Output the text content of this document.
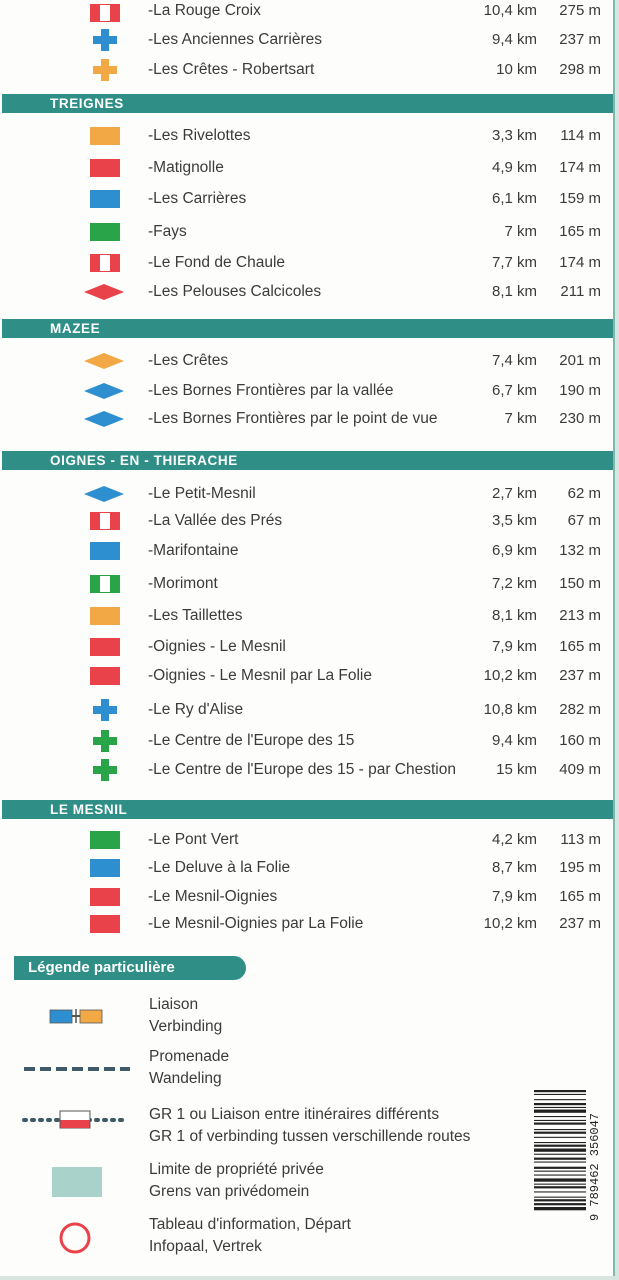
-La Rouge Croix	10,4 km 275 m
-Les Anciennes Carrières	9,4 km 237 m
-Les Crêtes - Robertsart	10 km 298 m
TREIGNES
-Les Rivelottes	3,3 km 114 m
-Matignolle	4,9 km 174 m
-Les Carrières	6,1 km 159 m
-Fays	7 km 165 m
-Le Fond de Chaule	7,7 km 174 m
-Les Pelouses Calcicoles	8,1 km 211 m
MAZEE
-Les Crêtes	7,4 km 201 m
-Les Bornes Frontières par la vallée	6,7 km 190 m
-Les Bornes Frontières par le point de vue	7 km 230 m
OIGNES - EN - THIERACHE
-Le Petit-Mesnil	2,7 km 62 m
-La Vallée des Prés	3,5 km 67 m
-Marifontaine	6,9 km 132 m
-Morimont	7,2 km 150 m
-Les Taillettes	8,1 km 213 m
-Oignies - Le Mesnil	7,9 km 165 m
-Oignies - Le Mesnil par La Folie	10,2 km 237 m
-Le Ry d'Alise	10,8 km 282 m
-Le Centre de l'Europe des 15	9,4 km 160 m
-Le Centre de l'Europe des 15 - par Chestion	15 km 409 m
LE MESNIL
-Le Pont Vert	4,2 km 113 m
-Le Deluve à la Folie	8,7 km 195 m
-Le Mesnil-Oignies	7,9 km 165 m
-Le Mesnil-Oignies par La Folie	10,2 km 237 m
Légende particulière
Liaison
Verbinding
Promenade
Wandeling
GR 1 ou Liaison entre itinéraires différents
GR 1 of verbinding tussen verschillende routes
Limite de propriété privée
Grens van privédomein
Tableau d'information, Départ
Infopaal, Vertrek
9 789462 356047
